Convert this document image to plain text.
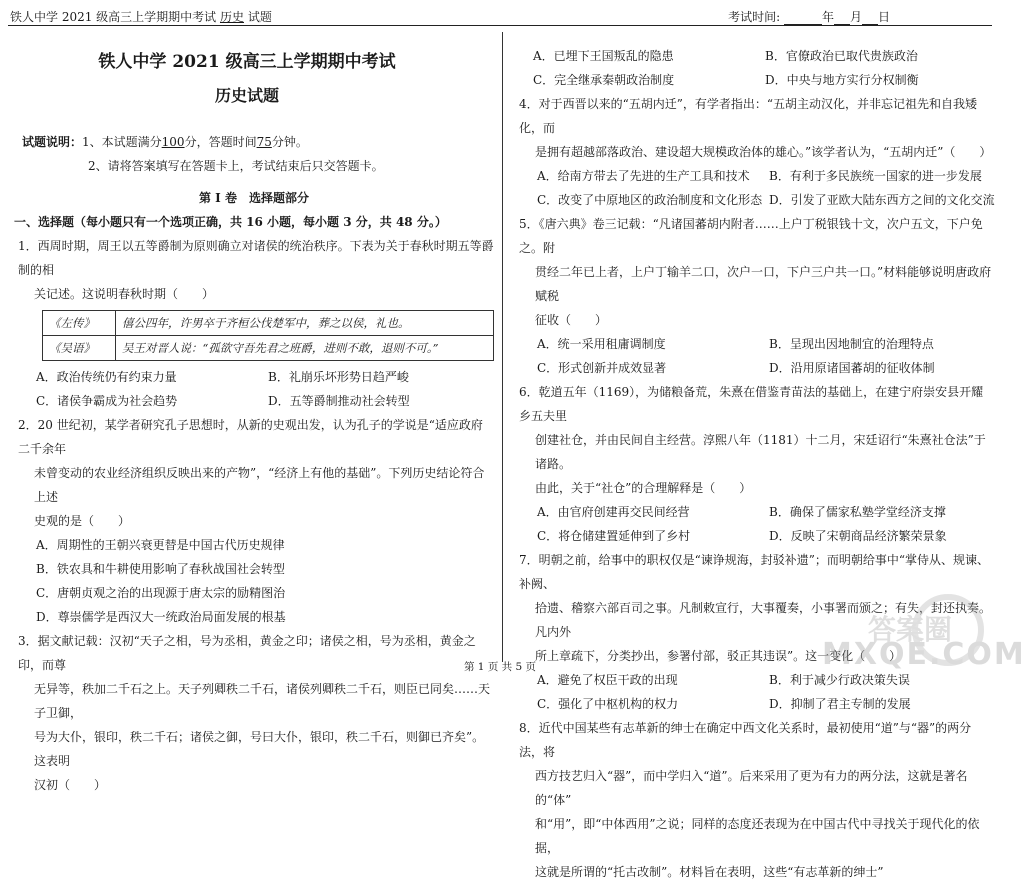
铁人中学 2021 级高三上学期期中考试 历史 试题	考试时间:	年 月 日
铁人中学 2021 级高三上学期期中考试
历史试题
试题说明：1、本试题满分100分，答题时间75分钟。
2、请将答案填写在答题卡上，考试结束后只交答题卡。
第 I 卷　选择题部分
一、选择题（每小题只有一个选项正确，共 16 小题，每小题 3 分，共 48 分。）
1．西周时期，周王以五等爵制为原则确立对诸侯的统治秩序。下表为关于春秋时期五等爵制的相
关记述。这说明春秋时期（　　）
《左传》	僖公四年，许男卒于齐桓公伐楚军中，葬之以侯，礼也。
《吴语》	吴王对晋人说：“孤欲守吾先君之班爵，进则不敢，退则不可。”
A．政治传统仍有约束力量	B．礼崩乐坏形势日趋严峻
C．诸侯争霸成为社会趋势	D．五等爵制推动社会转型
2．20 世纪初，某学者研究孔子思想时，从新的史观出发，认为孔子的学说是“适应政府二千余年
未曾变动的农业经济组织反映出来的产物”，“经济上有他的基础”。下列历史结论符合上述
史观的是（　　）
A．周期性的王朝兴衰更替是中国古代历史规律
B．铁农具和牛耕使用影响了春秋战国社会转型
C．唐朝贞观之治的出现源于唐太宗的励精图治
D．尊崇儒学是西汉大一统政治局面发展的根基
3．据文献记载：汉初“天子之相，号为丞相，黄金之印；诸侯之相，号为丞相，黄金之印，而尊
无异等，秩加二千石之上。天子列卿秩二千石，诸侯列卿秩二千石，则臣已同矣……天子卫御，
号为大仆，银印，秩二千石；诸侯之御，号曰大仆，银印，秩二千石，则御已齐矣”。这表明
汉初（　　）
A．已埋下王国叛乱的隐患	B．官僚政治已取代贵族政治
C．完全继承秦朝政治制度	D．中央与地方实行分权制衡
4．对于西晋以来的“五胡内迁”，有学者指出：“五胡主动汉化，并非忘记祖先和自我矮化，而
是拥有超越部落政治、建设超大规模政治体的雄心。”该学者认为，“五胡内迁”（　　）
A．给南方带去了先进的生产工具和技术	B．有利于多民族统一国家的进一步发展
C．改变了中原地区的政治制度和文化形态 D．引发了亚欧大陆东西方之间的文化交流
5．《唐六典》卷三记载：“凡诸国蕃胡内附者……上户丁税银钱十文，次户五文，下户免之。附
贯经二年已上者，上户丁输羊二口，次户一口，下户三户共一口。”材料能够说明唐政府赋税
征收（　　）
A．统一采用租庸调制度	B．呈现出因地制宜的治理特点
C．形式创新并成效显著	D．沿用原诸国蕃胡的征收体制
6．乾道五年（1169），为储粮备荒，朱熹在借鉴青苗法的基础上，在建宁府崇安县开耀乡五夫里
创建社仓，并由民间自主经营。淳熙八年（1181）十二月，宋廷诏行“朱熹社仓法”于诸路。
由此，关于“社仓”的合理解释是（　　）
A．由官府创建再交民间经营	B．确保了儒家私塾学堂经济支撑
C．将仓储建置延伸到了乡村	D．反映了宋朝商品经济繁荣景象
7．明朝之前，给事中的职权仅是“谏诤规海，封驳补遗”；而明朝给事中“掌侍从、规谏、补阙、
拾遗、稽察六部百司之事。凡制敕宣行，大事覆奏，小事署而颁之；有失，封还执奏。凡内外
所上章疏下，分类抄出，参署付部，驳正其违误”。这一变化（　　）
A．避免了权臣干政的出现	B．利于减少行政决策失误
C．强化了中枢机构的权力	D．抑制了君主专制的发展
8．近代中国某些有志革新的绅士在确定中西文化关系时，最初使用“道”与“器”的两分法，将
西方技艺归入“器”，而中学归入“道”。后来采用了更为有力的两分法，这就是著名的“体”
和“用”，即“中体西用”之说；同样的态度还表现为在中国古代中寻找关于现代化的依据，
这就是所谓的“托古改制”。材料旨在表明，这些“有志革新的绅士”
第 1 页 共 5 页
答案圈
MXQE.COM
